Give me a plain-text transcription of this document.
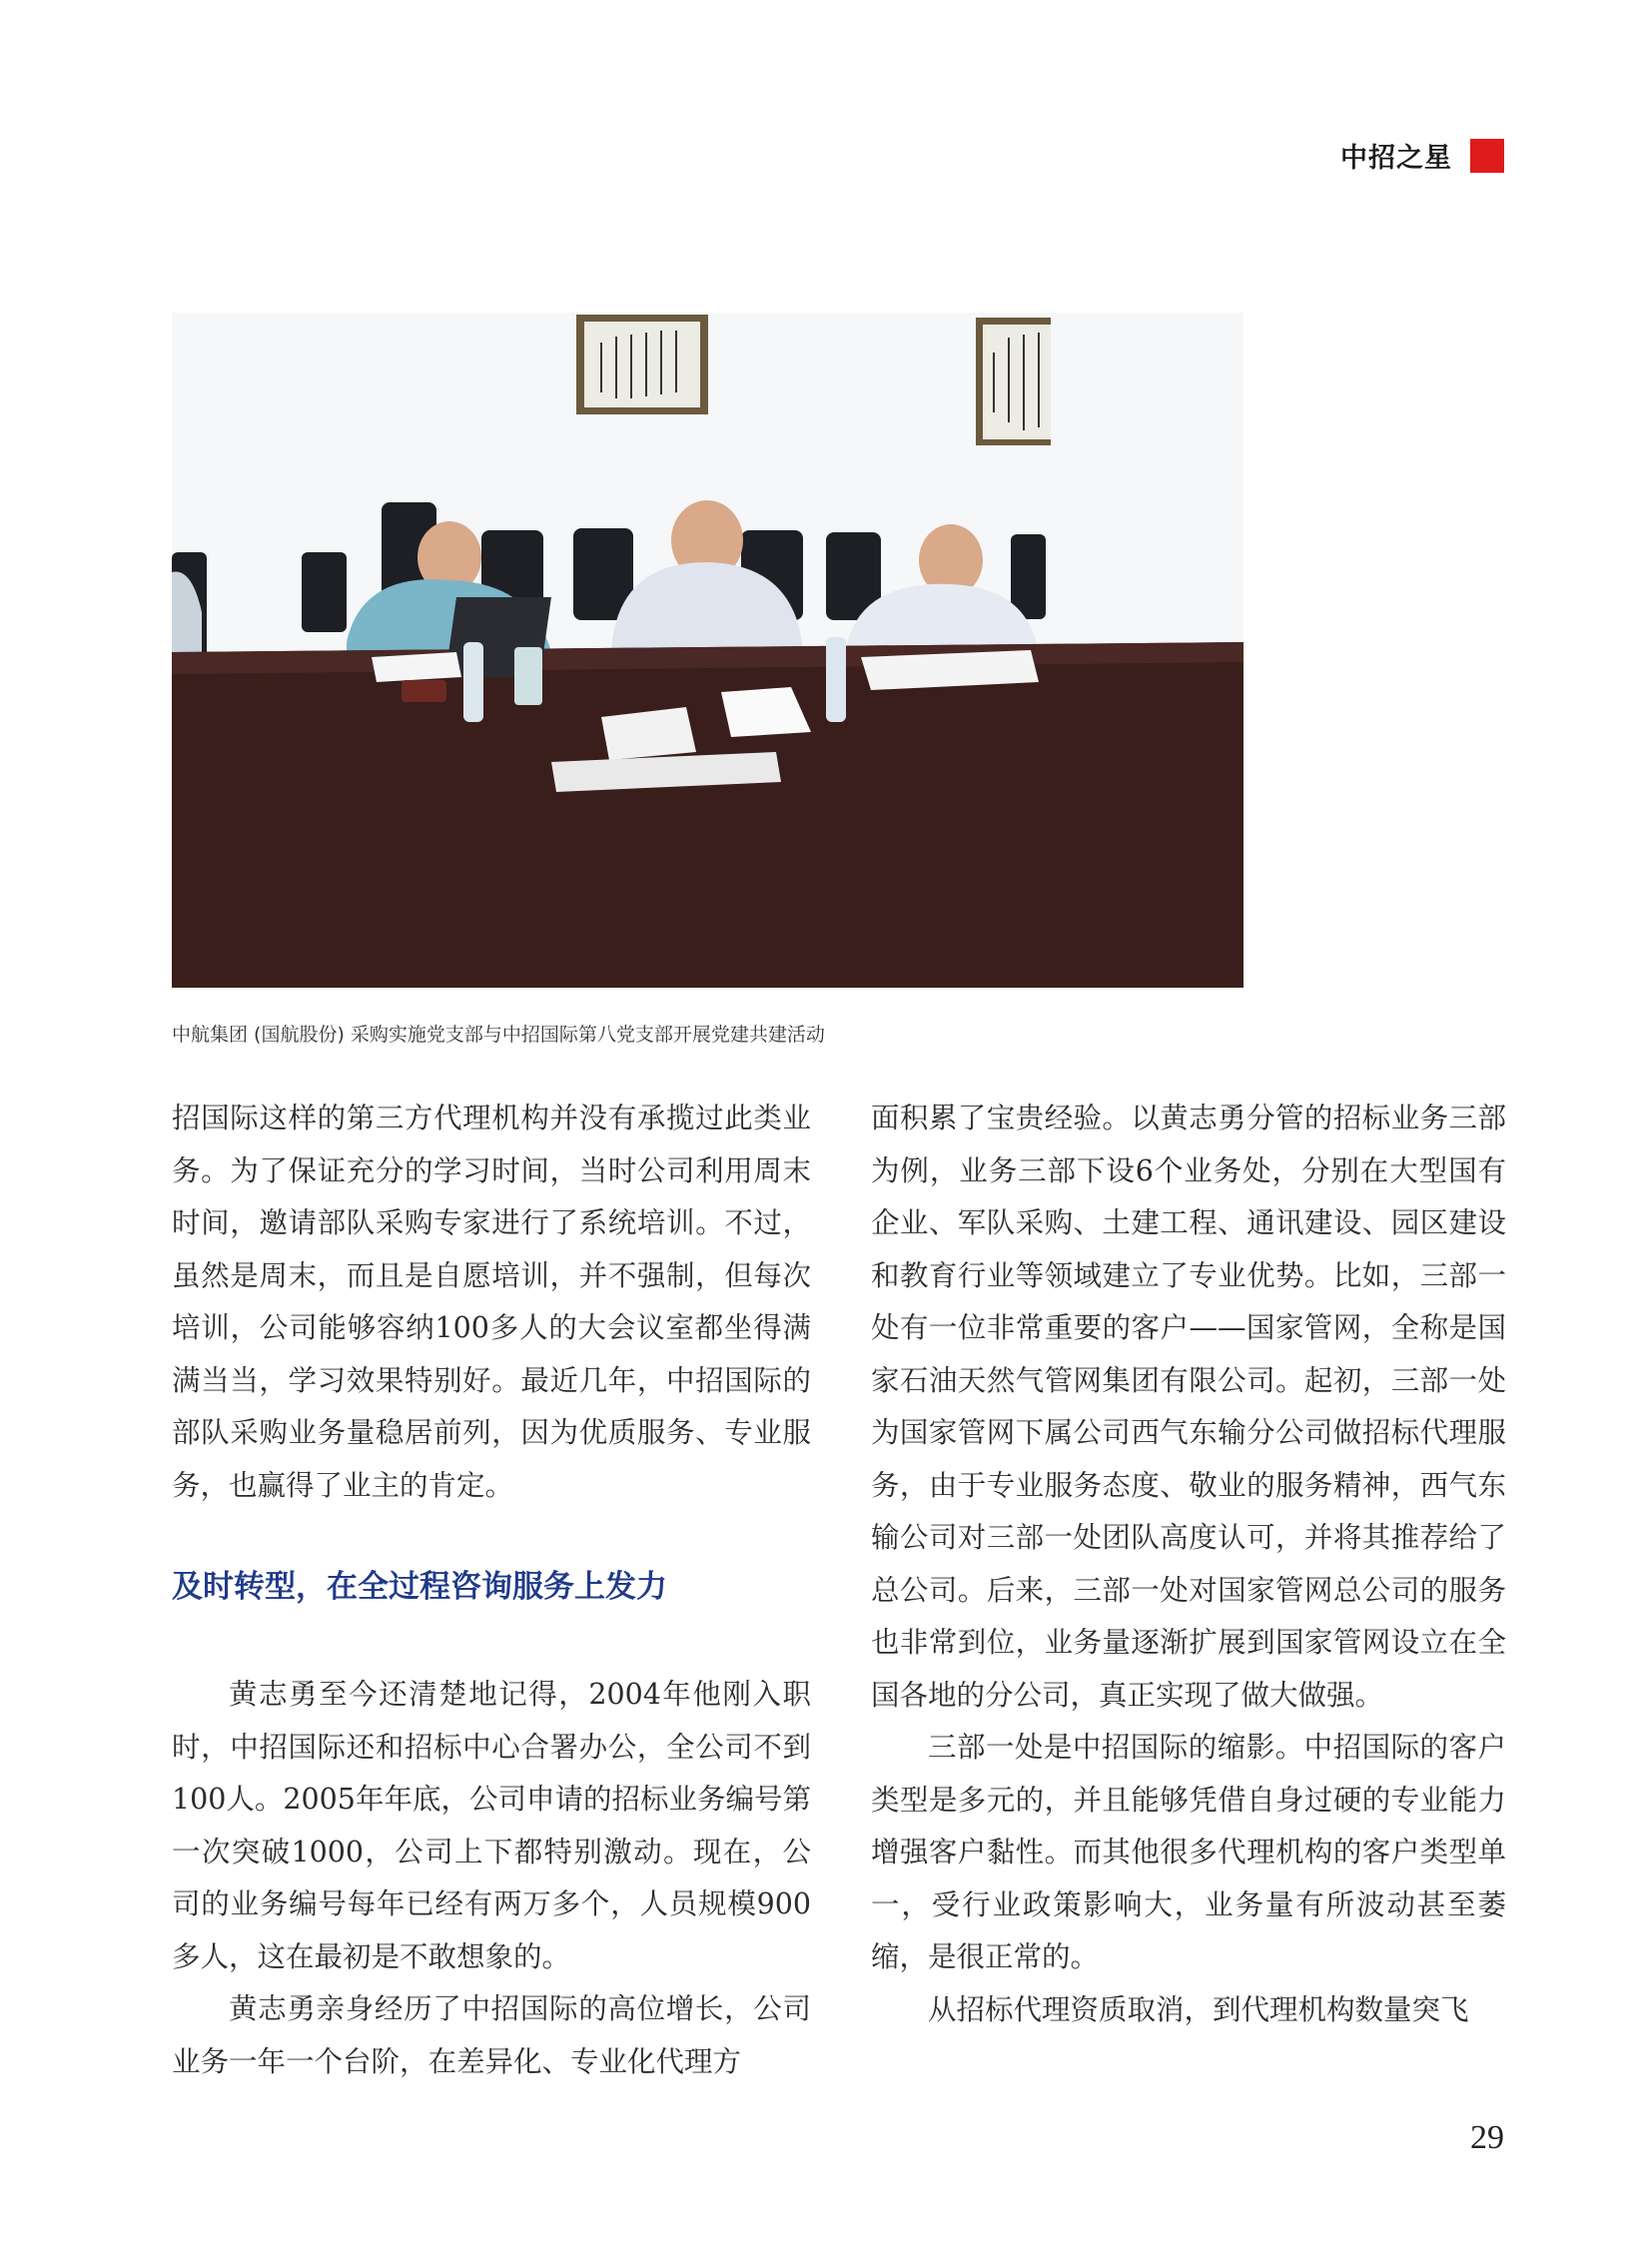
中招之星
中航集团 (国航股份) 采购实施党支部与中招国际第八党支部开展党建共建活动

招国际这样的第三方代理机构并没有承揽过此类业务。为了保证充分的学习时间，当时公司利用周末时间，邀请部队采购专家进行了系统培训。不过，虽然是周末，而且是自愿培训，并不强制，但每次培训，公司能够容纳100多人的大会议室都坐得满满当当，学习效果特别好。最近几年，中招国际的部队采购业务量稳居前列，因为优质服务、专业服务，也赢得了业主的肯定。

及时转型，在全过程咨询服务上发力

黄志勇至今还清楚地记得，2004年他刚入职时，中招国际还和招标中心合署办公，全公司不到100人。2005年年底，公司申请的招标业务编号第一次突破1000，公司上下都特别激动。现在，公司的业务编号每年已经有两万多个，人员规模900多人，这在最初是不敢想象的。

黄志勇亲身经历了中招国际的高位增长，公司业务一年一个台阶，在差异化、专业化代理方

面积累了宝贵经验。以黄志勇分管的招标业务三部为例，业务三部下设6个业务处，分别在大型国有企业、军队采购、土建工程、通讯建设、园区建设和教育行业等领域建立了专业优势。比如，三部一处有一位非常重要的客户——国家管网，全称是国家石油天然气管网集团有限公司。起初，三部一处为国家管网下属公司西气东输分公司做招标代理服务，由于专业服务态度、敬业的服务精神，西气东输公司对三部一处团队高度认可，并将其推荐给了总公司。后来，三部一处对国家管网总公司的服务也非常到位，业务量逐渐扩展到国家管网设立在全国各地的分公司，真正实现了做大做强。

三部一处是中招国际的缩影。中招国际的客户类型是多元的，并且能够凭借自身过硬的专业能力增强客户黏性。而其他很多代理机构的客户类型单一，受行业政策影响大，业务量有所波动甚至萎缩，是很正常的。

从招标代理资质取消，到代理机构数量突飞

29
